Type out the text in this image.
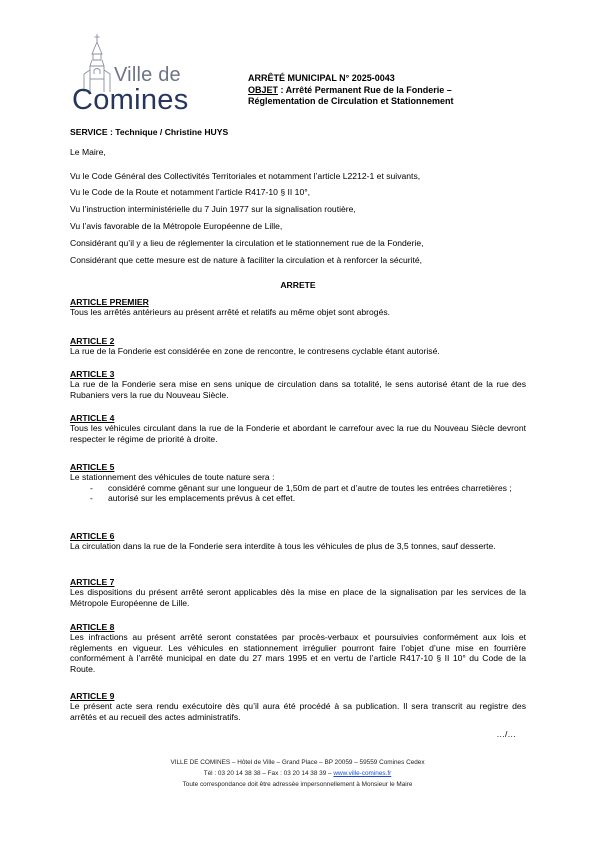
Ville de
Comines
ARRÊTÉ MUNICIPAL N° 2025-0043
OBJET : Arrêté Permanent Rue de la Fonderie –
Réglementation de Circulation et Stationnement
SERVICE : Technique / Christine HUYS
Le Maire,
Vu le Code Général des Collectivités Territoriales et notamment l’article L2212-1 et suivants,
Vu le Code de la Route et notamment l’article R417-10 § II 10°,
Vu l’instruction interministérielle du 7 Juin 1977 sur la signalisation routière,
Vu l’avis favorable de la Métropole Européenne de Lille,
Considérant qu’il y a lieu de réglementer la circulation et le stationnement rue de la Fonderie,
Considérant que cette mesure est de nature à faciliter la circulation et à renforcer la sécurité,
ARRETE
ARTICLE PREMIER
Tous les arrêtés antérieurs au présent arrêté et relatifs au même objet sont abrogés.
ARTICLE 2
La rue de la Fonderie est considérée en zone de rencontre, le contresens cyclable étant autorisé.
ARTICLE 3
La rue de la Fonderie sera mise en sens unique de circulation dans sa totalité, le sens autorisé étant de la rue des Rubaniers vers la rue du Nouveau Siècle.
ARTICLE 4
Tous les véhicules circulant dans la rue de la Fonderie et abordant le carrefour avec la rue du Nouveau Siècle devront respecter le régime de priorité à droite.
ARTICLE 5
Le stationnement des véhicules de toute nature sera :
-	considéré comme gênant sur une longueur de 1,50m de part et d’autre de toutes les entrées charretières ;
-	autorisé sur les emplacements prévus à cet effet.
ARTICLE 6
La circulation dans la rue de la Fonderie sera interdite à tous les véhicules de plus de 3,5 tonnes, sauf desserte.
ARTICLE 7
Les dispositions du présent arrêté seront applicables dès la mise en place de la signalisation par les services de la Métropole Européenne de Lille.
ARTICLE 8
Les infractions au présent arrêté seront constatées par procès-verbaux et poursuivies conformément aux lois et règlements en vigueur. Les véhicules en stationnement irrégulier pourront faire l’objet d’une mise en fourrière conformément à l’arrêté municipal en date du 27 mars 1995 et en vertu de l’article R417-10 § II 10° du Code de la Route.
ARTICLE 9
Le présent acte sera rendu exécutoire dès qu’il aura été procédé à sa publication. Il sera transcrit au registre des arrêtés et au recueil des actes administratifs.
…/…
VILLE DE COMINES – Hôtel de Ville – Grand Place – BP 20059 – 59559 Comines Cedex
Tél : 03 20 14 38 38 – Fax : 03 20 14 38 39 – www.ville-comines.fr
Toute correspondance doit être adressée impersonnellement à Monsieur le Maire
